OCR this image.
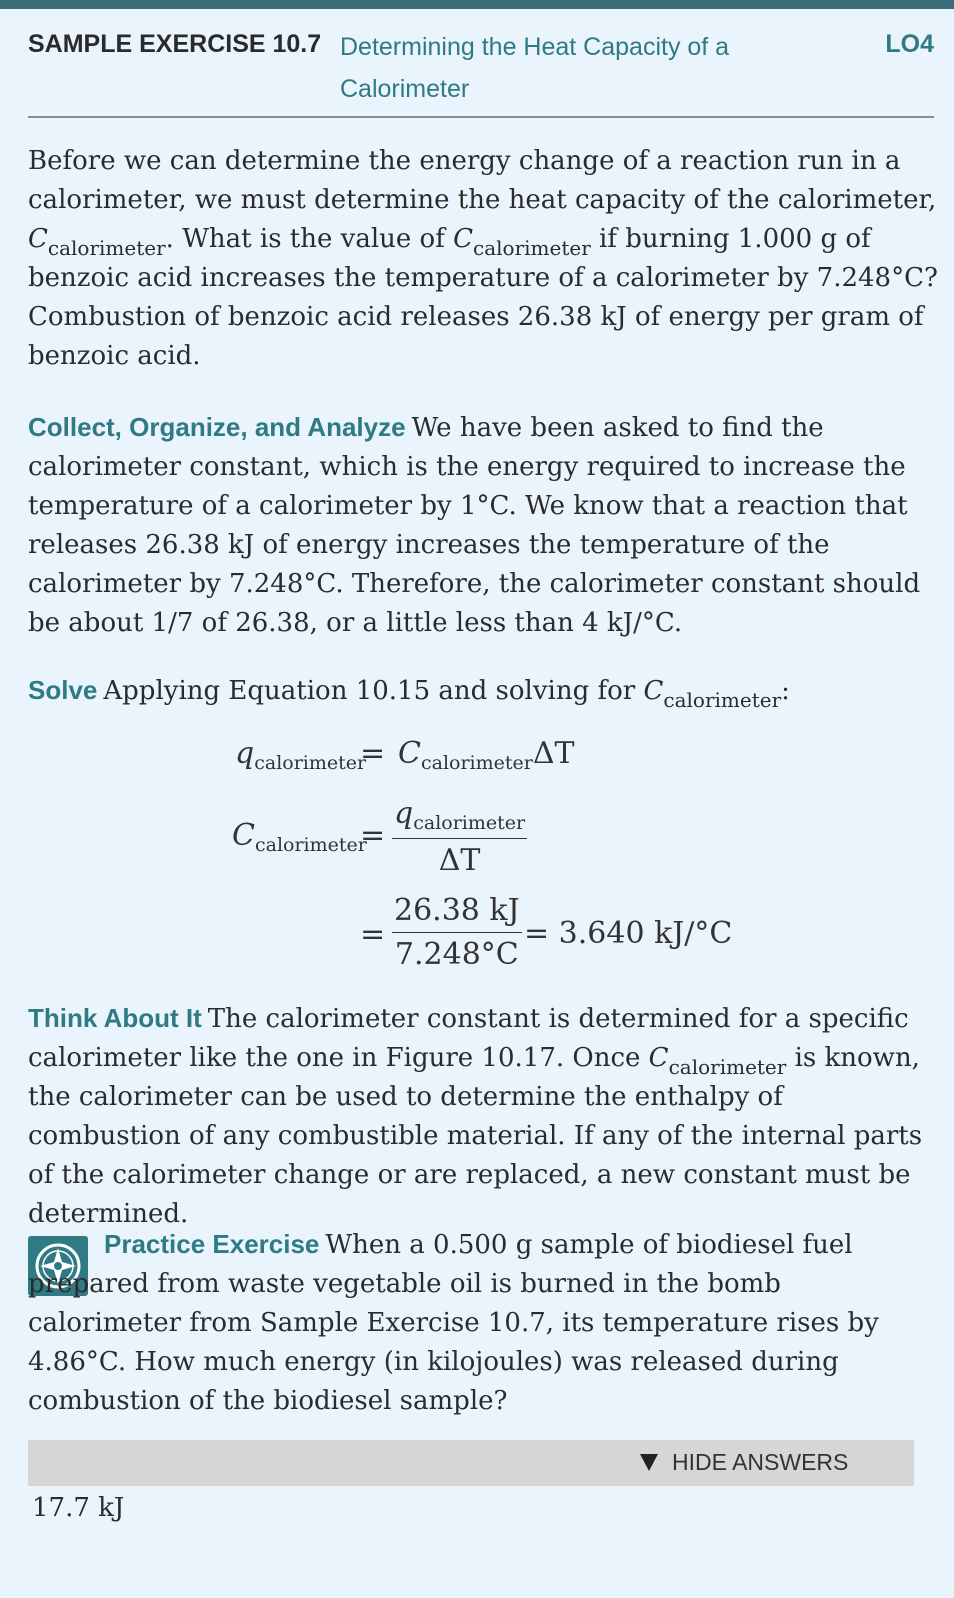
SAMPLE EXERCISE 10.7 Determining the Heat Capacity of a Calorimeter
LO4

Before we can determine the energy change of a reaction run in a calorimeter, we must determine the heat capacity of the calorimeter, $C_{calorimeter}$. What is the value of $C_{calorimeter}$ if burning 1.000 g of benzoic acid increases the temperature of a calorimeter by 7.248°C? Combustion of benzoic acid releases 26.38 kJ of energy per gram of benzoic acid.

Collect, Organize, and Analyze We have been asked to find the calorimeter constant, which is the energy required to increase the temperature of a calorimeter by 1°C. We know that a reaction that releases 26.38 kJ of energy increases the temperature of the calorimeter by 7.248°C. Therefore, the calorimeter constant should be about 1/7 of 26.38, or a little less than 4 kJ/°C.

Solve Applying Equation 10.15 and solving for $C_{calorimeter}$:

$q_{calorimeter}$
= $C_{calorimeter}\Delta T$
$C_{calorimeter}$
=
$q_{calorimeter}$
ΔT
= $\frac{26.38 kJ}{7.248^\circ C} = 3.640$ kJ/°C

Think About It The calorimeter constant is determined for a specific calorimeter like the one in Figure 10.17. Once $C_{calorimeter}$ is known, the calorimeter can be used to determine the enthalpy of combustion of any combustible material. If any of the internal parts of the calorimeter change or are replaced, a new constant must be determined.

Practice Exercise When a 0.500 g sample of biodiesel fuel prepared from waste vegetable oil is burned in the bomb calorimeter from Sample Exercise 10.7, its temperature rises by 4.86°C. How much energy (in kilojoules) was released during combustion of the biodiesel sample?

HIDE ANSWERS
17.7 kJ
